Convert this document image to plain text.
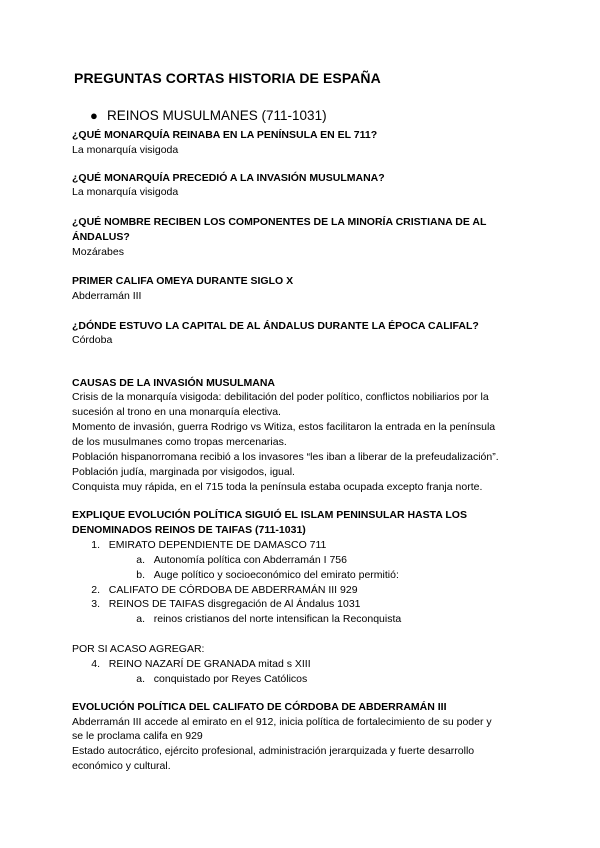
PREGUNTAS CORTAS HISTORIA DE ESPAÑA
● REINOS MUSULMANES (711-1031)
¿QUÉ MONARQUÍA REINABA EN LA PENÍNSULA EN EL 711?
La monarquía visigoda
¿QUÉ MONARQUÍA PRECEDIÓ A LA INVASIÓN MUSULMANA?
La monarquía visigoda
¿QUÉ NOMBRE RECIBEN LOS COMPONENTES DE LA MINORÍA CRISTIANA DE AL
ÁNDALUS?
Mozárabes
PRIMER CALIFA OMEYA DURANTE SIGLO X
Abderramán III
¿DÓNDE ESTUVO LA CAPITAL DE AL ÁNDALUS DURANTE LA ÉPOCA CALIFAL?
Córdoba
CAUSAS DE LA INVASIÓN MUSULMANA
Crisis de la monarquía visigoda: debilitación del poder político, conflictos nobiliarios por la
sucesión al trono en una monarquía electiva.
Momento de invasión, guerra Rodrigo vs Witiza, estos facilitaron la entrada en la península
de los musulmanes como tropas mercenarias.
Población hispanorromana recibió a los invasores “les iban a liberar de la prefeudalización”.
Población judía, marginada por visigodos, igual.
Conquista muy rápida, en el 715 toda la península estaba ocupada excepto franja norte.
EXPLIQUE EVOLUCIÓN POLÍTICA SIGUIÓ EL ISLAM PENINSULAR HASTA LOS
DENOMINADOS REINOS DE TAIFAS (711-1031)
1. EMIRATO DEPENDIENTE DE DAMASCO 711
a. Autonomía política con Abderramán I 756
b. Auge político y socioeconómico del emirato permitió:
2. CALIFATO DE CÓRDOBA DE ABDERRAMÁN III 929
3. REINOS DE TAIFAS disgregación de Al Ándalus 1031
a. reinos cristianos del norte intensifican la Reconquista
POR SI ACASO AGREGAR:
4. REINO NAZARÍ DE GRANADA mitad s XIII
a. conquistado por Reyes Católicos
EVOLUCIÓN POLÍTICA DEL CALIFATO DE CÓRDOBA DE ABDERRAMÁN III
Abderramán III accede al emirato en el 912, inicia política de fortalecimiento de su poder y
se le proclama califa en 929
Estado autocrático, ejército profesional, administración jerarquizada y fuerte desarrollo
económico y cultural.
